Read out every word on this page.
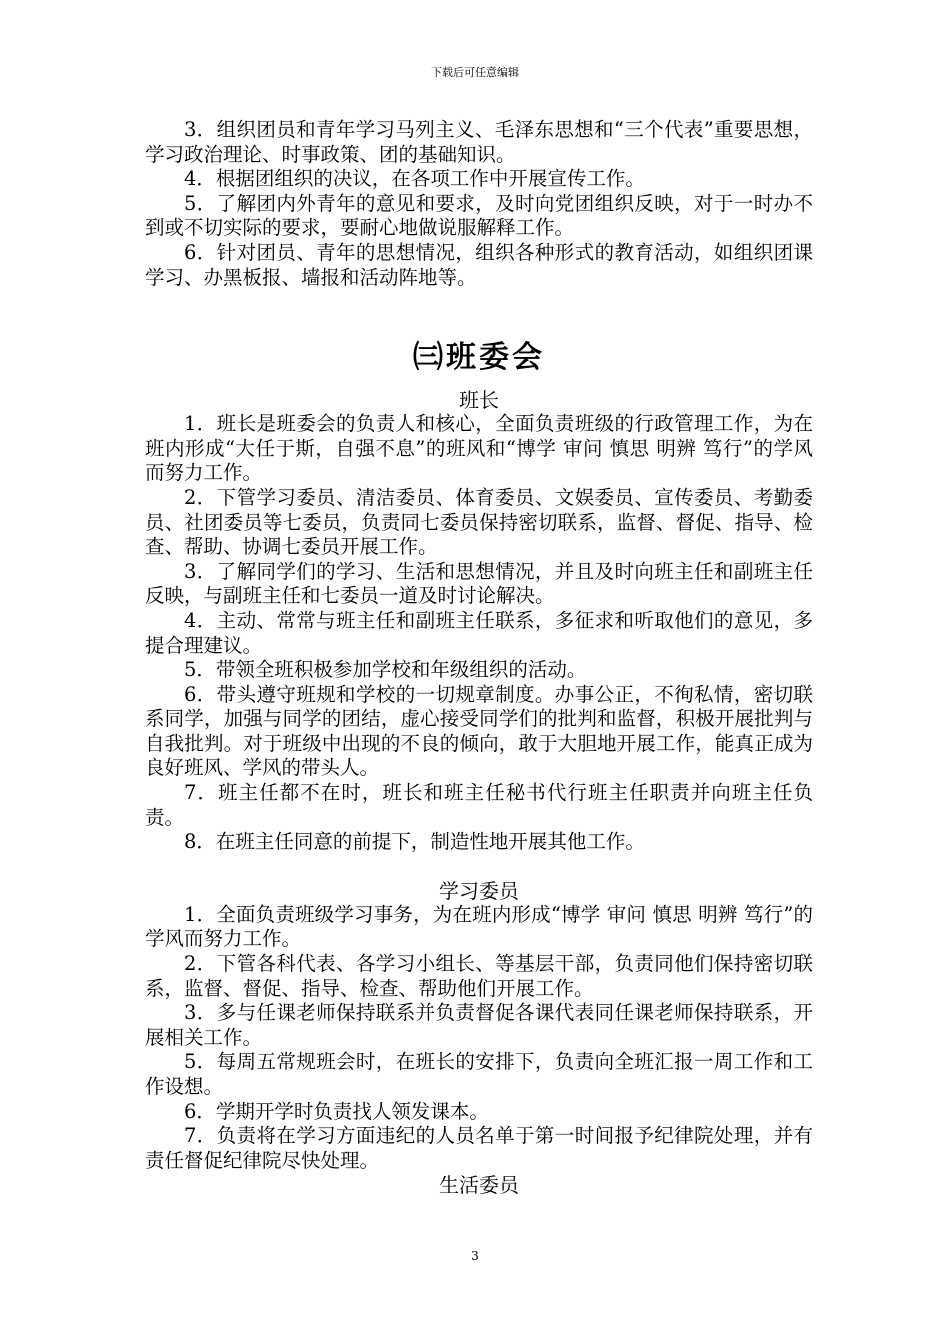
下载后可任意编辑

3．组织团员和青年学习马列主义、毛泽东思想和“三个代表”重要思想，学习政治理论、时事政策、团的基础知识。

4．根据团组织的决议，在各项工作中开展宣传工作。

5．了解团内外青年的意见和要求，及时向党团组织反映，对于一时办不到或不切实际的要求，要耐心地做说服解释工作。

6．针对团员、青年的思想情况，组织各种形式的教育活动，如组织团课学习、办黑板报、墙报和活动阵地等。

㈢班委会
班长

1．班长是班委会的负责人和核心，全面负责班级的行政管理工作，为在班内形成“大任于斯，自强不息”的班风和“博学 审问 慎思 明辨 笃行”的学风而努力工作。

2．下管学习委员、清洁委员、体育委员、文娱委员、宣传委员、考勤委员、社团委员等七委员，负责同七委员保持密切联系，监督、督促、指导、检查、帮助、协调七委员开展工作。

3．了解同学们的学习、生活和思想情况，并且及时向班主任和副班主任反映，与副班主任和七委员一道及时讨论解决。

4．主动、常常与班主任和副班主任联系，多征求和听取他们的意见，多提合理建议。

5．带领全班积极参加学校和年级组织的活动。

6．带头遵守班规和学校的一切规章制度。办事公正，不徇私情，密切联系同学，加强与同学的团结，虚心接受同学们的批判和监督，积极开展批判与自我批判。对于班级中出现的不良的倾向，敢于大胆地开展工作，能真正成为良好班风、学风的带头人。

7．班主任都不在时，班长和班主任秘书代行班主任职责并向班主任负责。

8．在班主任同意的前提下，制造性地开展其他工作。

学习委员

1．全面负责班级学习事务，为在班内形成“博学 审问 慎思 明辨 笃行”的学风而努力工作。

2．下管各科代表、各学习小组长、等基层干部，负责同他们保持密切联系，监督、督促、指导、检查、帮助他们开展工作。

3．多与任课老师保持联系并负责督促各课代表同任课老师保持联系，开展相关工作。

5．每周五常规班会时，在班长的安排下，负责向全班汇报一周工作和工作设想。

6．学期开学时负责找人领发课本。

7．负责将在学习方面违纪的人员名单于第一时间报予纪律院处理，并有责任督促纪律院尽快处理。

生活委员
3
